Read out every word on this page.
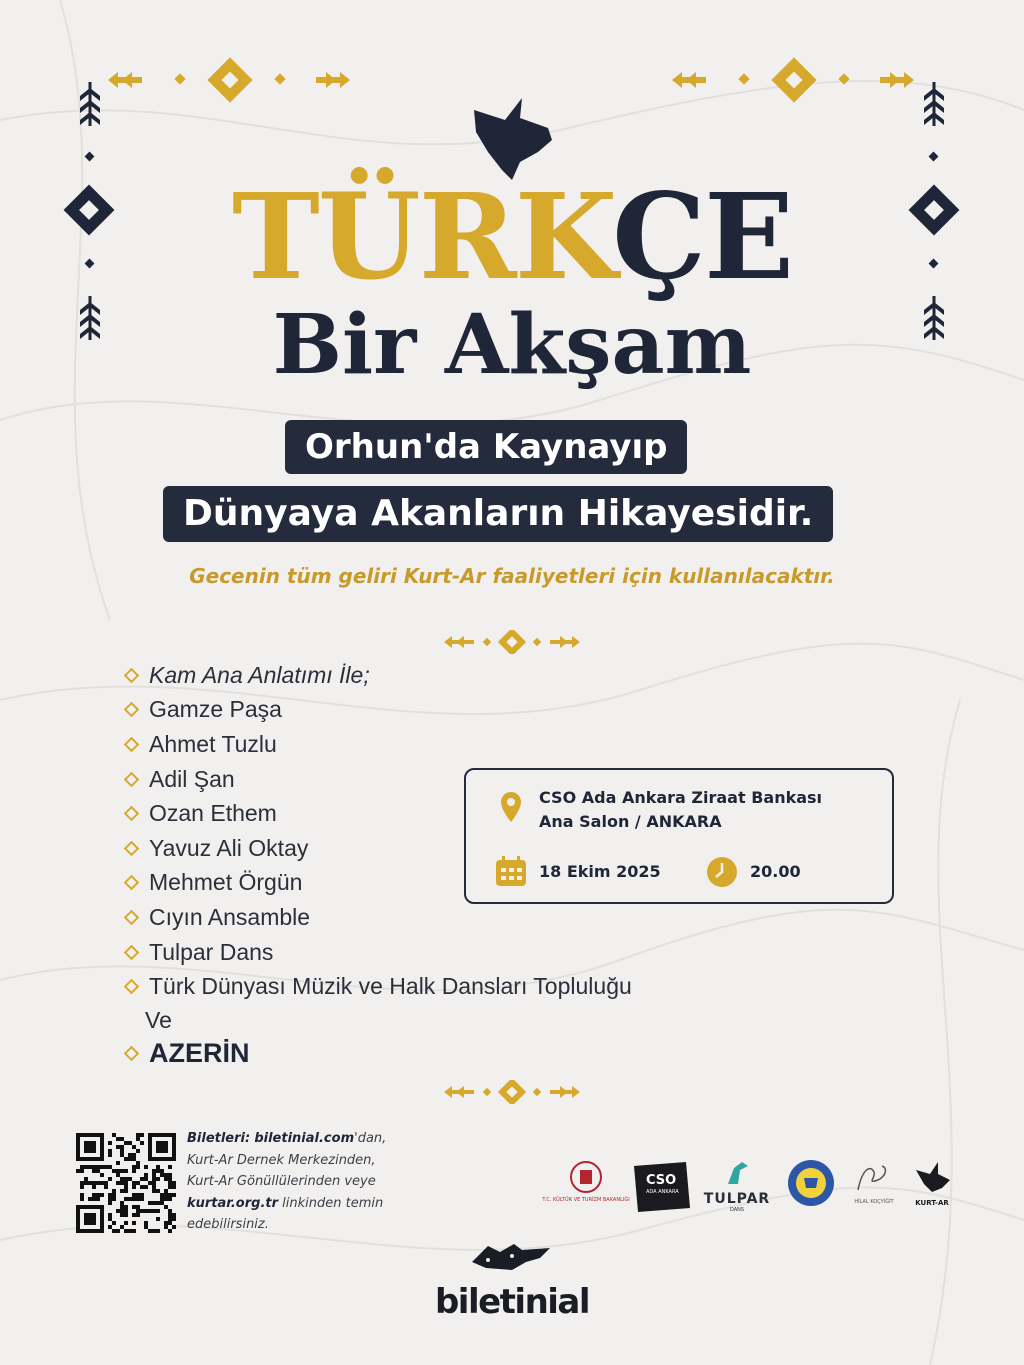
TÜRKÇE
Bir Akşam
Orhun'da Kaynayıp
Dünyaya Akanların Hikayesidir.
Gecenin tüm geliri Kurt-Ar faaliyetleri için kullanılacaktır.
Kam Ana Anlatımı İle;
Gamze Paşa
Ahmet Tuzlu
Adil Şan
Ozan Ethem
Yavuz Ali Oktay
Mehmet Örgün
Cıyın Ansamble
Tulpar Dans
Türk Dünyası Müzik ve Halk Dansları Topluluğu
Ve
AZERİN
CSO Ada Ankara Ziraat Bankası
Ana Salon / ANKARA
18 Ekim 2025	20.00
Biletleri: biletinial.com'dan,
Kurt-Ar Dernek Merkezinden,
Kurt-Ar Gönüllülerinden veye
kurtar.org.tr linkinden temin
edebilirsiniz.
T.C. KÜLTÜR VE TURİZM BAKANLIĞI
CSO
ADA ANKARA TULPAR
DANS
HİLAL KOÇYİĞİT	KURT-AR
biletinial
